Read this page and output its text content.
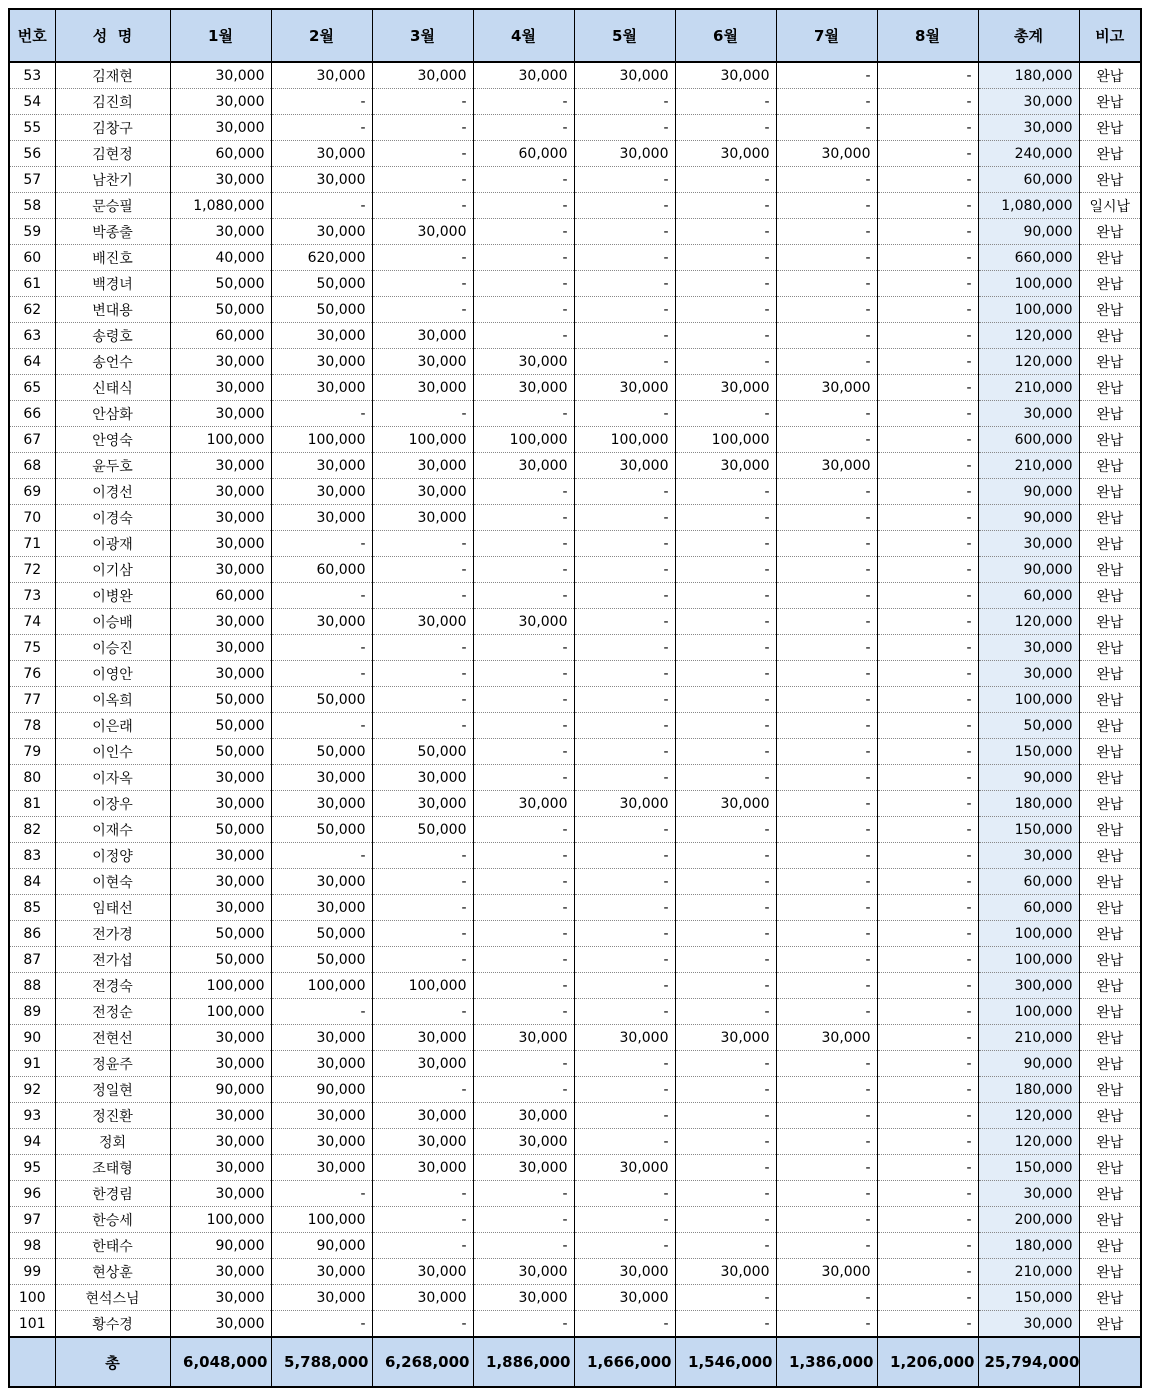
번호	성  명	1월	2월	3월	4월	5월	6월	7월	8월	총계	비고
53	김재현	30,000	30,000	30,000	30,000	30,000	30,000	-	-	180,000	완납
54	김진희	30,000	-	-	-	-	-	-	-	30,000	완납
55	김창구	30,000	-	-	-	-	-	-	-	30,000	완납
56	김현정	60,000	30,000	-	60,000	30,000	30,000	30,000	-	240,000	완납
57	남찬기	30,000	30,000	-	-	-	-	-	-	60,000	완납
58	문승필	1,080,000	-	-	-	-	-	-	-	1,080,000	일시납
59	박종출	30,000	30,000	30,000	-	-	-	-	-	90,000	완납
60	배진호	40,000	620,000	-	-	-	-	-	-	660,000	완납
61	백경녀	50,000	50,000	-	-	-	-	-	-	100,000	완납
62	변대용	50,000	50,000	-	-	-	-	-	-	100,000	완납
63	송령호	60,000	30,000	30,000	-	-	-	-	-	120,000	완납
64	송언수	30,000	30,000	30,000	30,000	-	-	-	-	120,000	완납
65	신태식	30,000	30,000	30,000	30,000	30,000	30,000	30,000	-	210,000	완납
66	안삼화	30,000	-	-	-	-	-	-	-	30,000	완납
67	안영숙	100,000	100,000	100,000	100,000	100,000	100,000	-	-	600,000	완납
68	윤두호	30,000	30,000	30,000	30,000	30,000	30,000	30,000	-	210,000	완납
69	이경선	30,000	30,000	30,000	-	-	-	-	-	90,000	완납
70	이경숙	30,000	30,000	30,000	-	-	-	-	-	90,000	완납
71	이광재	30,000	-	-	-	-	-	-	-	30,000	완납
72	이기삼	30,000	60,000	-	-	-	-	-	-	90,000	완납
73	이병완	60,000	-	-	-	-	-	-	-	60,000	완납
74	이승배	30,000	30,000	30,000	30,000	-	-	-	-	120,000	완납
75	이승진	30,000	-	-	-	-	-	-	-	30,000	완납
76	이영안	30,000	-	-	-	-	-	-	-	30,000	완납
77	이옥희	50,000	50,000	-	-	-	-	-	-	100,000	완납
78	이은래	50,000	-	-	-	-	-	-	-	50,000	완납
79	이인수	50,000	50,000	50,000	-	-	-	-	-	150,000	완납
80	이자옥	30,000	30,000	30,000	-	-	-	-	-	90,000	완납
81	이장우	30,000	30,000	30,000	30,000	30,000	30,000	-	-	180,000	완납
82	이재수	50,000	50,000	50,000	-	-	-	-	-	150,000	완납
83	이정양	30,000	-	-	-	-	-	-	-	30,000	완납
84	이현숙	30,000	30,000	-	-	-	-	-	-	60,000	완납
85	임태선	30,000	30,000	-	-	-	-	-	-	60,000	완납
86	전가경	50,000	50,000	-	-	-	-	-	-	100,000	완납
87	전가섭	50,000	50,000	-	-	-	-	-	-	100,000	완납
88	전경숙	100,000	100,000	100,000	-	-	-	-	-	300,000	완납
89	전정순	100,000	-	-	-	-	-	-	-	100,000	완납
90	전현선	30,000	30,000	30,000	30,000	30,000	30,000	30,000	-	210,000	완납
91	정윤주	30,000	30,000	30,000	-	-	-	-	-	90,000	완납
92	정일현	90,000	90,000	-	-	-	-	-	-	180,000	완납
93	정진환	30,000	30,000	30,000	30,000	-	-	-	-	120,000	완납
94	정회	30,000	30,000	30,000	30,000	-	-	-	-	120,000	완납
95	조태형	30,000	30,000	30,000	30,000	30,000	-	-	-	150,000	완납
96	한경림	30,000	-	-	-	-	-	-	-	30,000	완납
97	한승세	100,000	100,000	-	-	-	-	-	-	200,000	완납
98	한태수	90,000	90,000	-	-	-	-	-	-	180,000	완납
99	현상훈	30,000	30,000	30,000	30,000	30,000	30,000	30,000	-	210,000	완납
100	현석스님	30,000	30,000	30,000	30,000	30,000	-	-	-	150,000	완납
101	황수경	30,000	-	-	-	-	-	-	-	30,000	완납
	총	6,048,000	5,788,000	6,268,000	1,886,000	1,666,000	1,546,000	1,386,000	1,206,000	25,794,000	
